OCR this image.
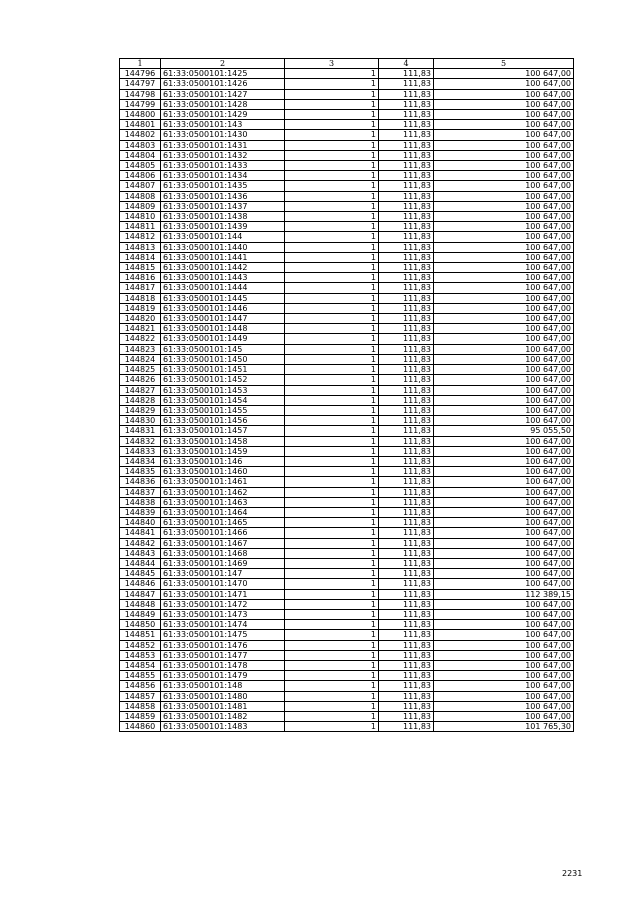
1	2	3	4	5
144796	61:33:0500101:1425	1	111,83	100 647,00
144797	61:33:0500101:1426	1	111,83	100 647,00
144798	61:33:0500101:1427	1	111,83	100 647,00
144799	61:33:0500101:1428	1	111,83	100 647,00
144800	61:33:0500101:1429	1	111,83	100 647,00
144801	61:33:0500101:143	1	111,83	100 647,00
144802	61:33:0500101:1430	1	111,83	100 647,00
144803	61:33:0500101:1431	1	111,83	100 647,00
144804	61:33:0500101:1432	1	111,83	100 647,00
144805	61:33:0500101:1433	1	111,83	100 647,00
144806	61:33:0500101:1434	1	111,83	100 647,00
144807	61:33:0500101:1435	1	111,83	100 647,00
144808	61:33:0500101:1436	1	111,83	100 647,00
144809	61:33:0500101:1437	1	111,83	100 647,00
144810	61:33:0500101:1438	1	111,83	100 647,00
144811	61:33:0500101:1439	1	111,83	100 647,00
144812	61:33:0500101:144	1	111,83	100 647,00
144813	61:33:0500101:1440	1	111,83	100 647,00
144814	61:33:0500101:1441	1	111,83	100 647,00
144815	61:33:0500101:1442	1	111,83	100 647,00
144816	61:33:0500101:1443	1	111,83	100 647,00
144817	61:33:0500101:1444	1	111,83	100 647,00
144818	61:33:0500101:1445	1	111,83	100 647,00
144819	61:33:0500101:1446	1	111,83	100 647,00
144820	61:33:0500101:1447	1	111,83	100 647,00
144821	61:33:0500101:1448	1	111,83	100 647,00
144822	61:33:0500101:1449	1	111,83	100 647,00
144823	61:33:0500101:145	1	111,83	100 647,00
144824	61:33:0500101:1450	1	111,83	100 647,00
144825	61:33:0500101:1451	1	111,83	100 647,00
144826	61:33:0500101:1452	1	111,83	100 647,00
144827	61:33:0500101:1453	1	111,83	100 647,00
144828	61:33:0500101:1454	1	111,83	100 647,00
144829	61:33:0500101:1455	1	111,83	100 647,00
144830	61:33:0500101:1456	1	111,83	100 647,00
144831	61:33:0500101:1457	1	111,83	95 055,50
144832	61:33:0500101:1458	1	111,83	100 647,00
144833	61:33:0500101:1459	1	111,83	100 647,00
144834	61:33:0500101:146	1	111,83	100 647,00
144835	61:33:0500101:1460	1	111,83	100 647,00
144836	61:33:0500101:1461	1	111,83	100 647,00
144837	61:33:0500101:1462	1	111,83	100 647,00
144838	61:33:0500101:1463	1	111,83	100 647,00
144839	61:33:0500101:1464	1	111,83	100 647,00
144840	61:33:0500101:1465	1	111,83	100 647,00
144841	61:33:0500101:1466	1	111,83	100 647,00
144842	61:33:0500101:1467	1	111,83	100 647,00
144843	61:33:0500101:1468	1	111,83	100 647,00
144844	61:33:0500101:1469	1	111,83	100 647,00
144845	61:33:0500101:147	1	111,83	100 647,00
144846	61:33:0500101:1470	1	111,83	100 647,00
144847	61:33:0500101:1471	1	111,83	112 389,15
144848	61:33:0500101:1472	1	111,83	100 647,00
144849	61:33:0500101:1473	1	111,83	100 647,00
144850	61:33:0500101:1474	1	111,83	100 647,00
144851	61:33:0500101:1475	1	111,83	100 647,00
144852	61:33:0500101:1476	1	111,83	100 647,00
144853	61:33:0500101:1477	1	111,83	100 647,00
144854	61:33:0500101:1478	1	111,83	100 647,00
144855	61:33:0500101:1479	1	111,83	100 647,00
144856	61:33:0500101:148	1	111,83	100 647,00
144857	61:33:0500101:1480	1	111,83	100 647,00
144858	61:33:0500101:1481	1	111,83	100 647,00
144859	61:33:0500101:1482	1	111,83	100 647,00
144860	61:33:0500101:1483	1	111,83	101 765,30
2231
